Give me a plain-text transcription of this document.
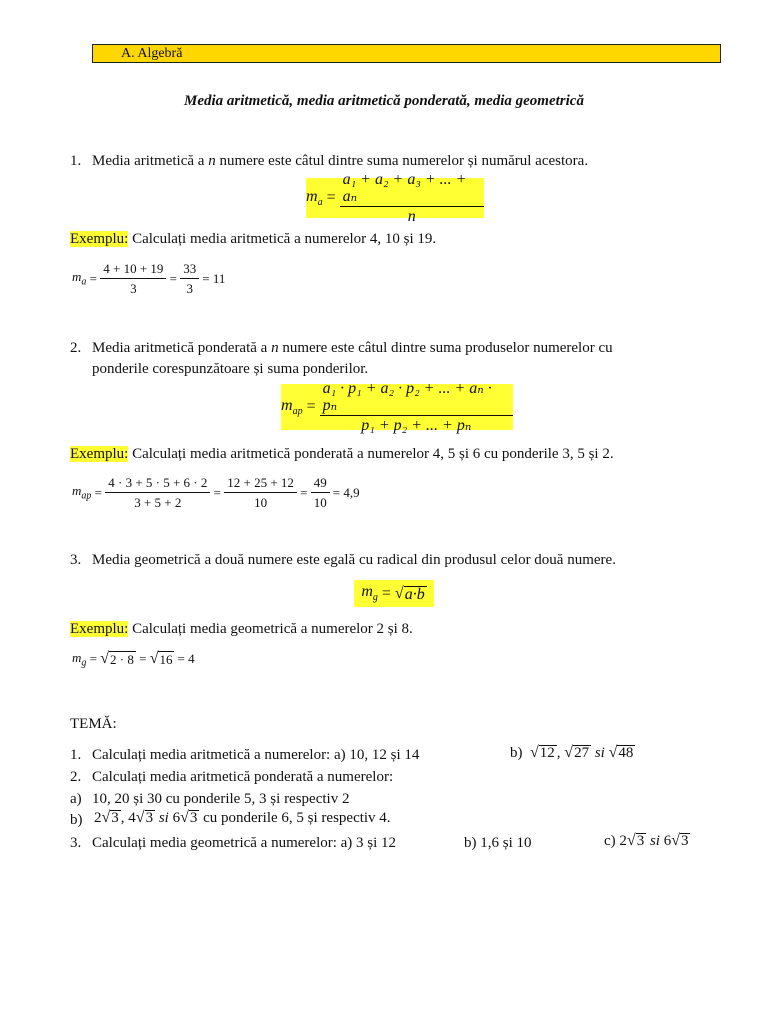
A. Algebră
Media aritmetică, media aritmetică ponderată, media geometrică
1. Media aritmetică a n numere este câtul dintre suma numerelor și numărul acestora.
$m_a = \frac{\text{a₁ + a₂ + a₃ + ... + aₙ}}{n}$
Exemplu: Calculați media aritmetică a numerelor 4, 10 și 19.
$m_a = \frac{4 + 10 + 19}{3} = \frac{33}{3} = 11$
2. Media aritmetică ponderată a n numere este câtul dintre suma produselor numerelor cu
ponderile corespunzătoare și suma ponderilor.
$m_{ap} = \frac{\text{a₁ · p₁ + a₂ · p₂ + ... + aₙ · pₙ}}{\text{p₁ + p₂ + ... + pₙ}}$
Exemplu: Calculați media aritmetică ponderată a numerelor 4, 5 și 6 cu ponderile 3, 5 și 2.
$m_{ap} = \frac{4 \cdot 3 + 5 \cdot 5 + 6 \cdot 2}{3 + 5 + 2} = \frac{12 + 25 + 12}{10} = \frac{49}{10} = 4,9$
3. Media geometrică a două numere este egală cu radical din produsul celor două numere.
$m_g$ = √ a·b
Exemplu: Calculați media geometrică a numerelor 2 și 8.
$m_g$ = √ 2 · 8 = √ 16 = 4
TEMĂ:
1. Calculați media aritmetică a numerelor: a) 10, 12 și 14	b) √12 , √27 si √48
2. Calculați media aritmetică ponderată a numerelor:
a) 10, 20 și 30 cu ponderile 5, 3 și respectiv 2
b) 2√3 , 4√3 si 6√3 cu ponderile 6, 5 și respectiv 4.
3. Calculați media geometrică a numerelor: a) 3 și 12	b) 1,6 și 10	c) 2√3 si 6√3
